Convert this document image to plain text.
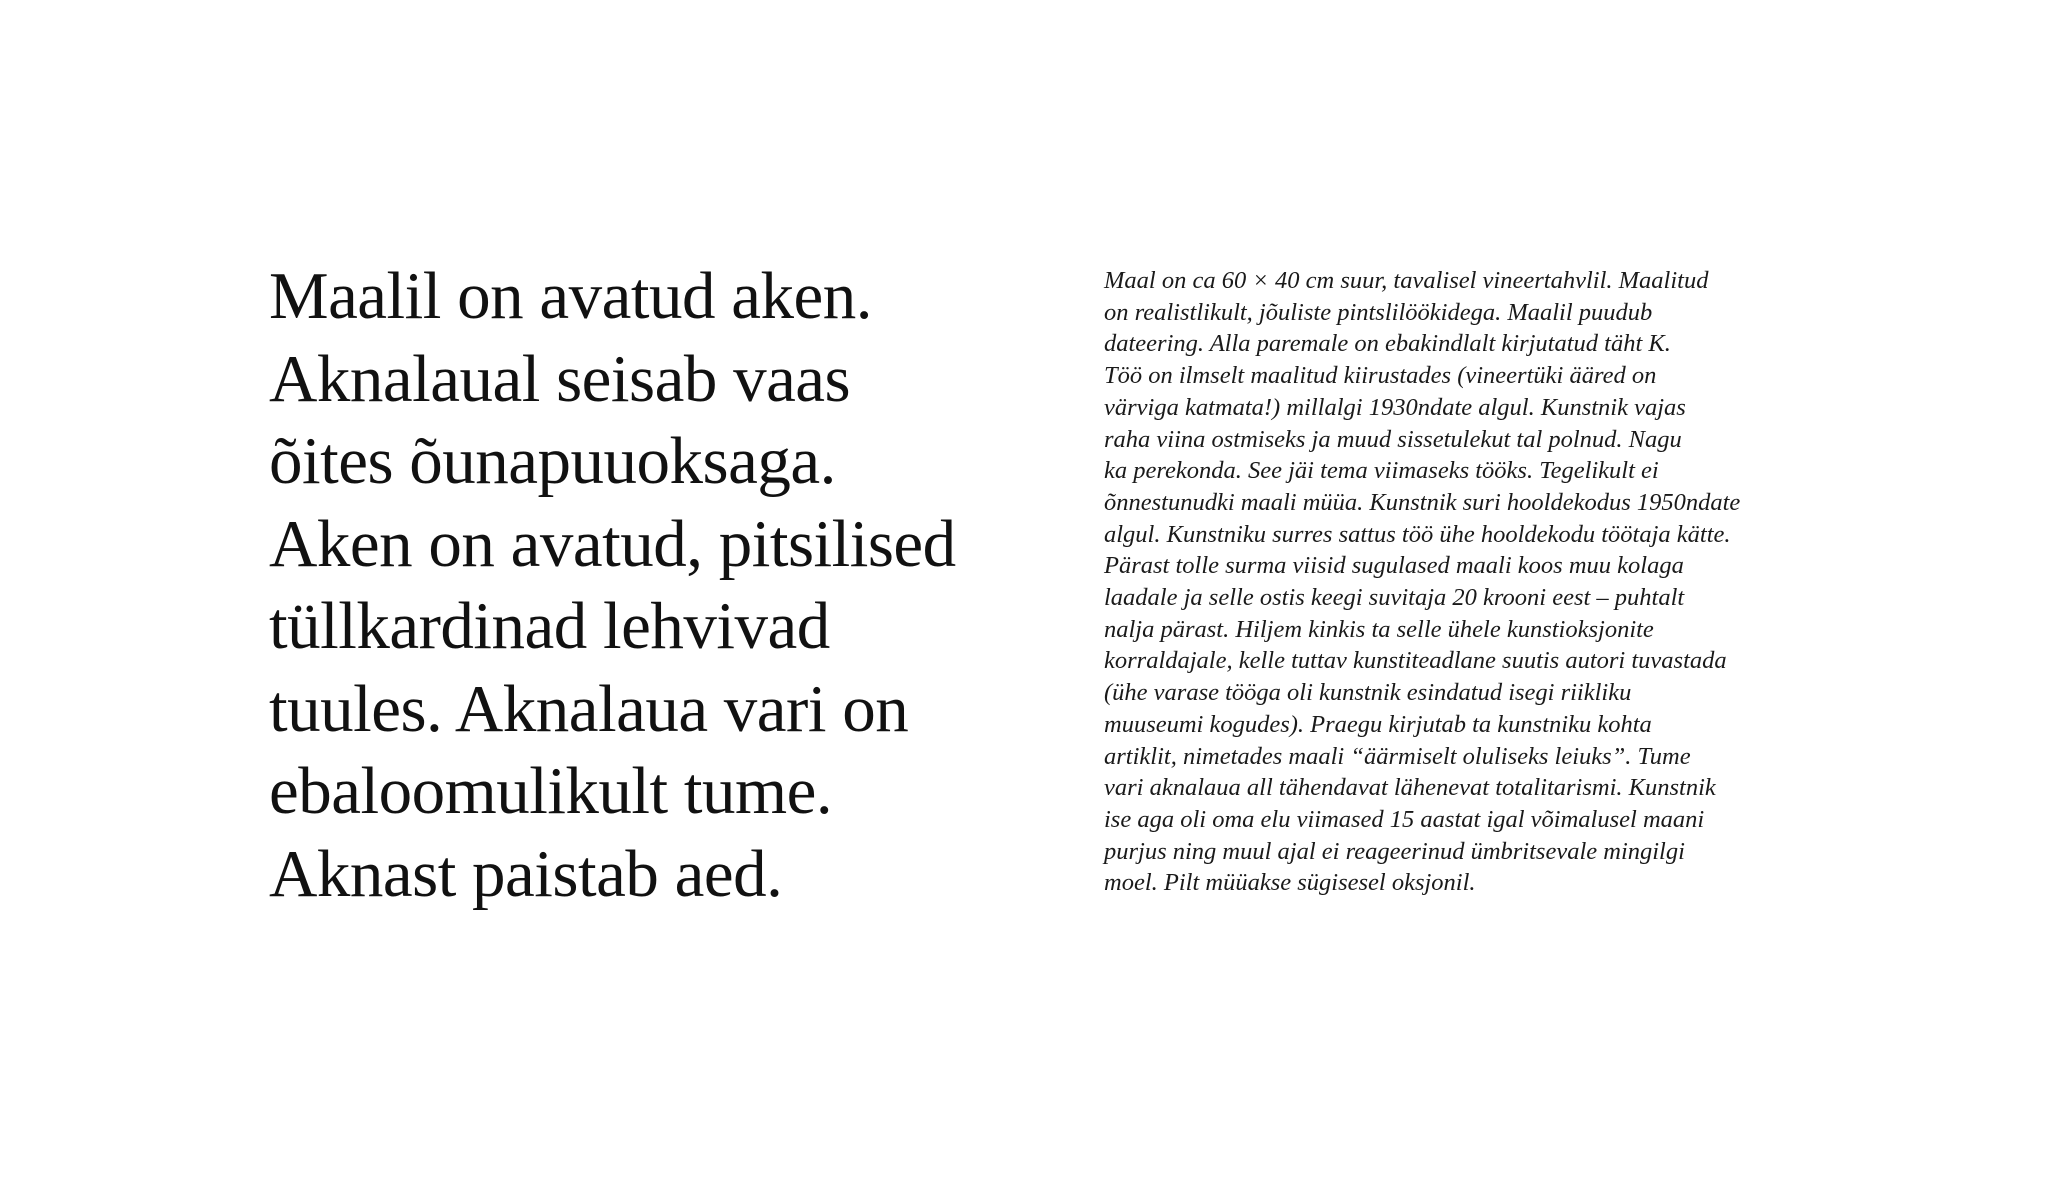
Maalil on avatud aken.
Aknalaual seisab vaas
õites õunapuuoksaga.
Aken on avatud, pitsilised
tüllkardinad lehvivad
tuules. Aknalaua vari on
ebaloomulikult tume.
Aknast paistab aed.
Maal on ca 60 × 40 cm suur, tavalisel vineertahvlil. Maalitud
on realistlikult, jõuliste pintslilöökidega. Maalil puudub
dateering. Alla paremale on ebakindlalt kirjutatud täht K.
Töö on ilmselt maalitud kiirustades (vineertüki ääred on
värviga katmata!) millalgi 1930ndate algul. Kunstnik vajas
raha viina ostmiseks ja muud sissetulekut tal polnud. Nagu
ka perekonda. See jäi tema viimaseks tööks. Tegelikult ei
õnnestunudki maali müüa. Kunstnik suri hooldekodus 1950ndate
algul. Kunstniku surres sattus töö ühe hooldekodu töötaja kätte.
Pärast tolle surma viisid sugulased maali koos muu kolaga
laadale ja selle ostis keegi suvitaja 20 krooni eest – puhtalt
nalja pärast. Hiljem kinkis ta selle ühele kunstioksjonite
korraldajale, kelle tuttav kunstiteadlane suutis autori tuvastada
(ühe varase tööga oli kunstnik esindatud isegi riikliku
muuseumi kogudes). Praegu kirjutab ta kunstniku kohta
artiklit, nimetades maali “äärmiselt oluliseks leiuks”. Tume
vari aknalaua all tähendavat lähenevat totalitarismi. Kunstnik
ise aga oli oma elu viimased 15 aastat igal võimalusel maani
purjus ning muul ajal ei reageerinud ümbritsevale mingilgi
moel. Pilt müüakse sügisesel oksjonil.
